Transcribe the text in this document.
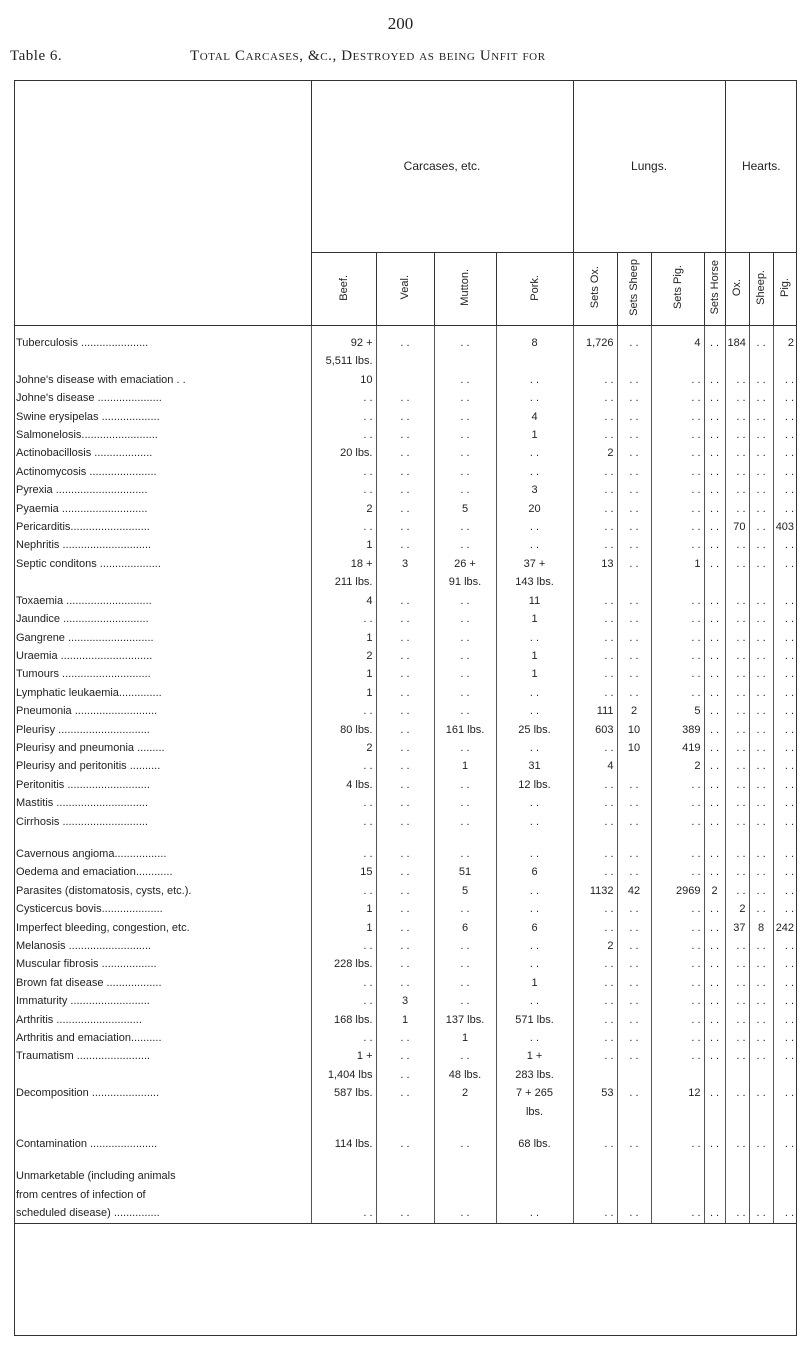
200
Table 6.	Total Carcases, &c., Destroyed as being Unfit for
	Carcases, etc.				Lungs.				Hearts.		
	Beef.	Veal.	Mutton.	Pork.	Sets Ox.	Sets Sheep	Sets Pig.	Sets Horse	Ox.	Sheep.	Pig.
Tuberculosis ......................	92 +	. .	. .	8	1,726	. .	4	. .	184	. .	2
	5,511 lbs.										
Johne's disease with emaciation . .	10		. .	. .	. .	. .	. .	. .	. .	. .	. .
Johne's disease .....................	. .	. .	. .	. .	. .	. .	. .	. .	. .	. .	. .
Swine erysipelas ...................	. .	. .	. .	4	. .	. .	. .	. .	. .	. .	. .
Salmonelosis.........................	. .	. .	. .	1	. .	. .	. .	. .	. .	. .	. .
Actinobacillosis ...................	20 lbs.	. .	. .	. .	2	. .	. .	. .	. .	. .	. .
Actinomycosis ......................	. .	. .	. .	. .	. .	. .	. .	. .	. .	. .	. .
Pyrexia ..............................	. .	. .	. .	3	. .	. .	. .	. .	. .	. .	. .
Pyaemia ............................	2	. .	5	20	. .	. .	. .	. .	. .	. .	. .
Pericarditis..........................	. .	. .	. .	. .	. .	. .	. .	. .	70	. .	403
Nephritis .............................	1	. .	. .	. .	. .	. .	. .	. .	. .	. .	. .
Septic conditons ....................	18 +	3	26 +	37 +	13	. .	1	. .	. .	. .	. .
	211 lbs.		91 lbs.	143 lbs.							
Toxaemia ............................	4	. .	. .	11	. .	. .	. .	. .	. .	. .	. .
Jaundice ............................	. .	. .	. .	1	. .	. .	. .	. .	. .	. .	. .
Gangrene ............................	1	. .	. .	. .	. .	. .	. .	. .	. .	. .	. .
Uraemia ..............................	2	. .	. .	1	. .	. .	. .	. .	. .	. .	. .
Tumours .............................	1	. .	. .	1	. .	. .	. .	. .	. .	. .	. .
Lymphatic leukaemia..............	1	. .	. .	. .	. .	. .	. .	. .	. .	. .	. .
Pneumonia ...........................	. .	. .	. .	. .	111	2	5	. .	. .	. .	. .
Pleurisy ..............................	80 lbs.	. .	161 lbs.	25 lbs.	603	10	389	. .	. .	. .	. .
Pleurisy and pneumonia .........	2	. .	. .	. .	. .	10	419	. .	. .	. .	. .
Pleurisy and peritonitis ..........	. .	. .	1	31	4		2	. .	. .	. .	. .
Peritonitis ...........................	4 lbs.	. .	. .	12 lbs.	. .	. .	. .	. .	. .	. .	. .
Mastitis ..............................	. .	. .	. .	. .	. .	. .	. .	. .	. .	. .	. .
Cirrhosis ............................	. .	. .	. .	. .	. .	. .	. .	. .	. .	. .	. .

Cavernous angioma.................	. .	. .	. .	. .	. .	. .	. .	. .	. .	. .	. .
Oedema and emaciation............	15	. .	51	6	. .	. .	. .	. .	. .	. .	. .
Parasites (distomatosis, cysts, etc.).	. .	. .	5	. .	1132	42	2969	2	. .	. .	. .
Cysticercus bovis....................	1	. .	. .	. .	. .	. .	. .	. .	2	. .	. .
Imperfect bleeding, congestion, etc.	1	. .	6	6	. .	. .	. .	. .	37	8	242
Melanosis ...........................	. .	. .	. .	. .	2	. .	. .	. .	. .	. .	. .
Muscular fibrosis ..................	228 lbs.	. .	. .	. .	. .	. .	. .	. .	. .	. .	. .
Brown fat disease ..................	. .	. .	. .	1	. .	. .	. .	. .	. .	. .	. .
Immaturity ..........................	. .	3	. .	. .	. .	. .	. .	. .	. .	. .	. .
Arthritis ............................	168 lbs.	1	137 lbs.	571 lbs.	. .	. .	. .	. .	. .	. .	. .
Arthritis and emaciation..........	. .	. .	1	. .	. .	. .	. .	. .	. .	. .	. .
Traumatism ........................	1 +	. .	. .	1 +	. .	. .	. .	. .	. .	. .	. .
	1,404 lbs	. .	48 lbs.	283 lbs.							
Decomposition ......................	587 lbs.	. .	2	7 + 265	53	. .	12	. .	. .	. .	. .
				lbs.							

Contamination ......................	114 lbs.	. .	. .	68 lbs.	. .	. .	. .	. .	. .	. .	. .

Unmarketable (including animals											
from centres of infection of											
scheduled disease) ...............	. .	. .	. .	. .	. .	. .	. .	. .	. .	. .	. .
